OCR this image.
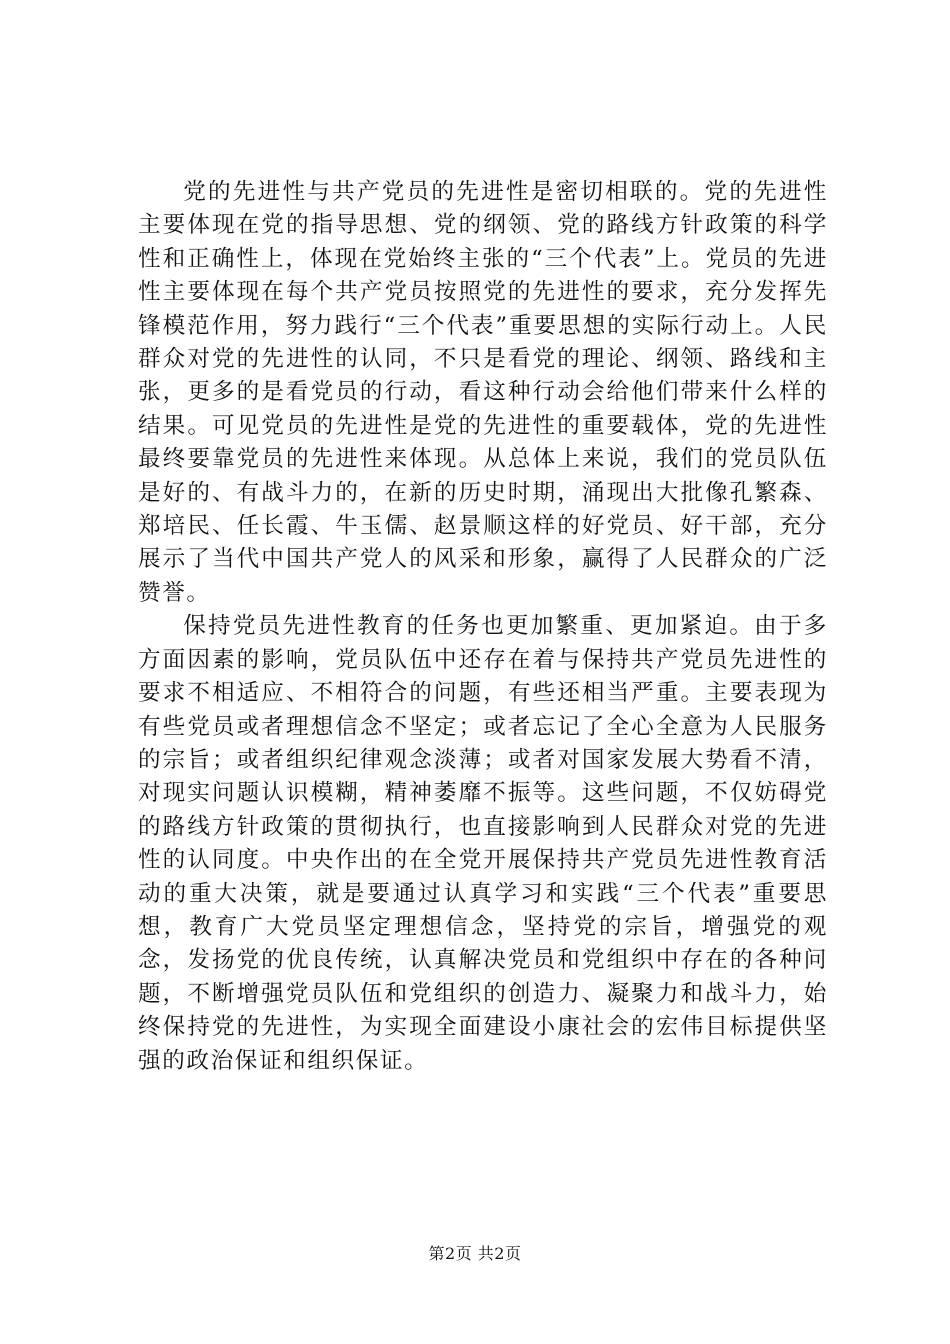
党的先进性与共产党员的先进性是密切相联的。党的先进性主要体现在党的指导思想、党的纲领、党的路线方针政策的科学性和正确性上，体现在党始终主张的“三个代表”上。党员的先进性主要体现在每个共产党员按照党的先进性的要求，充分发挥先锋模范作用，努力践行“三个代表”重要思想的实际行动上。人民群众对党的先进性的认同，不只是看党的理论、纲领、路线和主张，更多的是看党员的行动，看这种行动会给他们带来什么样的结果。可见党员的先进性是党的先进性的重要载体，党的先进性最终要靠党员的先进性来体现。从总体上来说，我们的党员队伍是好的、有战斗力的，在新的历史时期，涌现出大批像孔繁森、郑培民、任长霞、牛玉儒、赵景顺这样的好党员、好干部，充分展示了当代中国共产党人的风采和形象，赢得了人民群众的广泛赞誉。

保持党员先进性教育的任务也更加繁重、更加紧迫。由于多方面因素的影响，党员队伍中还存在着与保持共产党员先进性的要求不相适应、不相符合的问题，有些还相当严重。主要表现为有些党员或者理想信念不坚定；或者忘记了全心全意为人民服务的宗旨；或者组织纪律观念淡薄；或者对国家发展大势看不清，对现实问题认识模糊，精神萎靡不振等。这些问题，不仅妨碍党的路线方针政策的贯彻执行，也直接影响到人民群众对党的先进性的认同度。中央作出的在全党开展保持共产党员先进性教育活动的重大决策，就是要通过认真学习和实践“三个代表”重要思想，教育广大党员坚定理想信念，坚持党的宗旨，增强党的观念，发扬党的优良传统，认真解决党员和党组织中存在的各种问题，不断增强党员队伍和党组织的创造力、凝聚力和战斗力，始终保持党的先进性，为实现全面建设小康社会的宏伟目标提供坚强的政治保证和组织保证。

第2页 共2页
